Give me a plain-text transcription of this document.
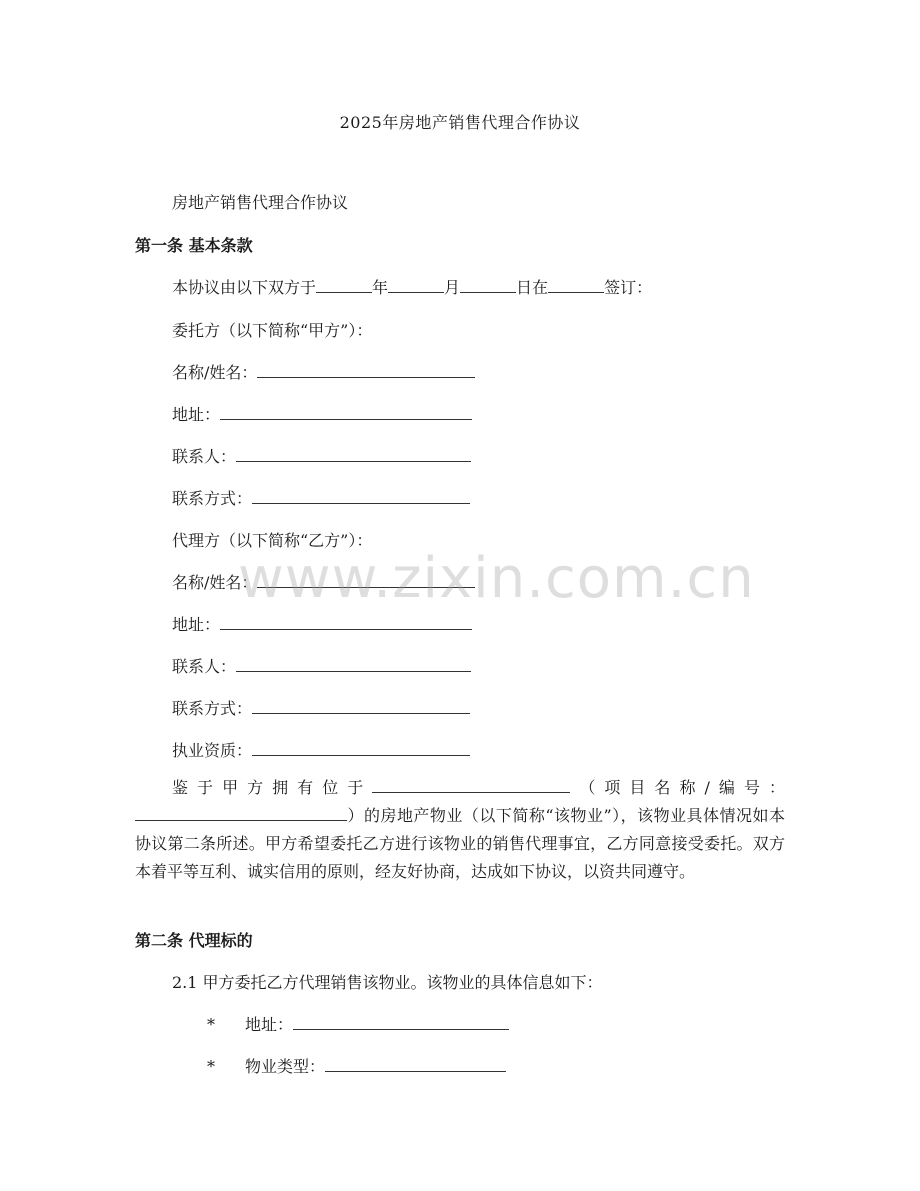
2025年房地产销售代理合作协议
房地产销售代理合作协议
第一条 基本条款
本协议由以下双方于	年	月	日在	签订：
委托方（以下简称“甲方”）：
名称/姓名：
地址：
联系人：
联系方式：
代理方（以下简称“乙方”）：
名称/姓名：
地址：
联系人：
联系方式：
执业资质：
鉴于甲方拥有位于	（项目名称/编号：）的房地产物业（以下简称“该物业”），该物业具体情况如本协议第二条所述。甲方希望委托乙方进行该物业的销售代理事宜，乙方同意接受委托。双方本着平等互利、诚实信用的原则，经友好协商，达成如下协议，以资共同遵守。
第二条 代理标的
2.1 甲方委托乙方代理销售该物业。该物业的具体信息如下：
* 地址：
* 物业类型：
www.zixin.com.cn
